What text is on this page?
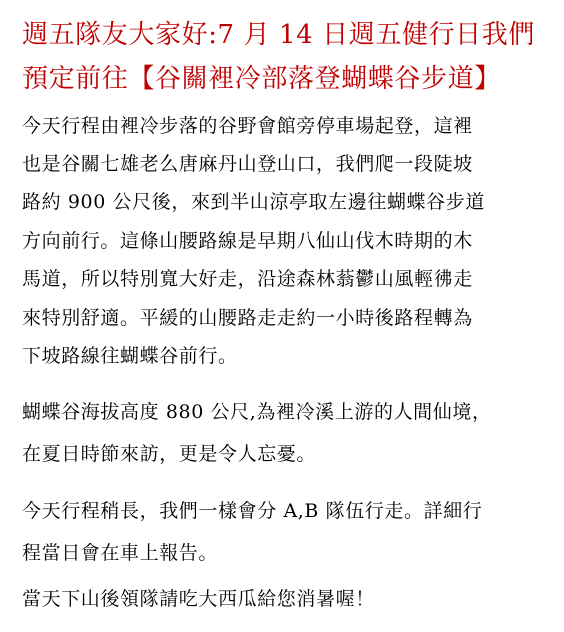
週五隊友大家好:7 月 14 日週五健行日我們
預定前往【谷關裡冷部落登蝴蝶谷步道】
今天行程由裡冷步落的谷野會館旁停車場起登，這裡
也是谷關七雄老么唐麻丹山登山口，我們爬一段陡坡
路約 900 公尺後，來到半山涼亭取左邊往蝴蝶谷步道
方向前行。這條山腰路線是早期八仙山伐木時期的木
馬道，所以特別寬大好走，沿途森林蓊鬱山風輕彿走
來特別舒適。平緩的山腰路走走約一小時後路程轉為
下坡路線往蝴蝶谷前行。
蝴蝶谷海拔高度 880 公尺,為裡冷溪上游的人間仙境，
在夏日時節來訪，更是令人忘憂。
今天行程稍長，我們一樣會分 A,B 隊伍行走。詳細行
程當日會在車上報告。
當天下山後領隊請吃大西瓜給您消暑喔！
